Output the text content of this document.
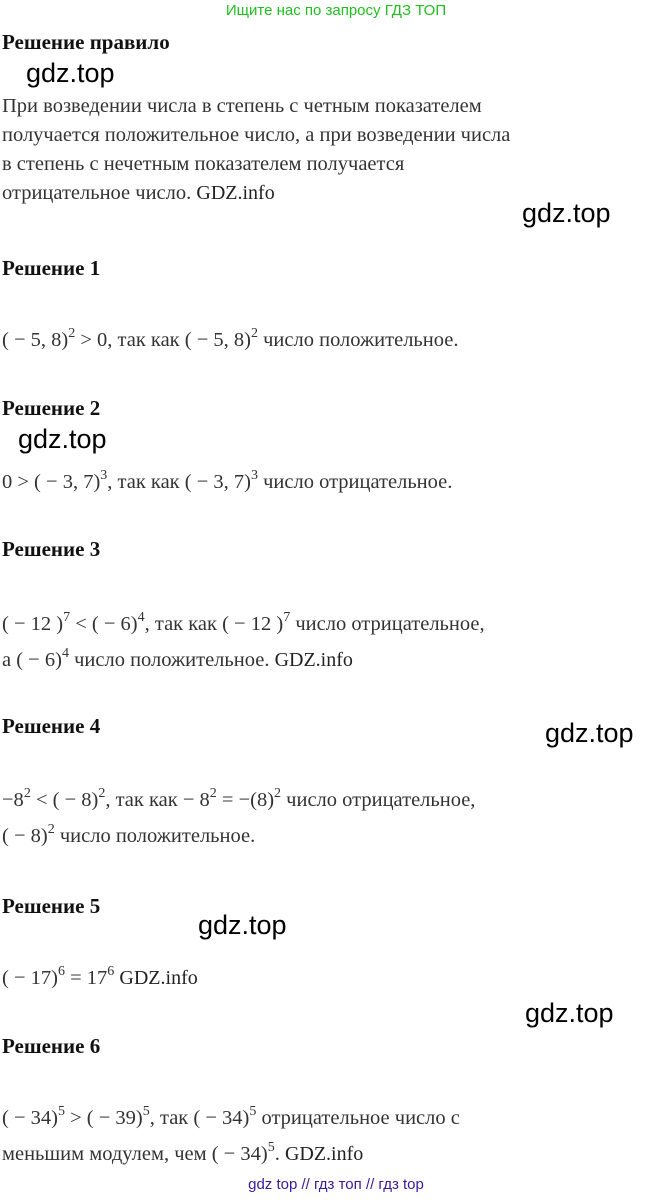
Ищите нас по запросу ГДЗ ТОП
Решение правило
gdz.top
При возведении числа в степень с четным показателем
получается положительное число, а при возведении числа
в степень с нечетным показателем получается
отрицательное число. GDZ.info
gdz.top
Решение 1
( − 5, 8)$^2$ > 0, так как ( − 5, 8)$^2$ число положительное.
Решение 2
gdz.top
0 > ( − 3, 7)$^3$, так как ( − 3, 7)$^3$ число отрицательное.
Решение 3
( − 12 )$^7$ < ( − 6)$^4$, так как ( − 12 )$^7$ число отрицательное,
а ( − 6)$^4$ число положительное. GDZ.info
Решение 4	gdz.top
$-8^2$ < ( − 8)$^2$, так как − $8^2 = -(8)^2$ число отрицательное,
( − 8)$^2$ число положительное.
Решение 5
gdz.top
( − $17)^6 = 17^6$ GDZ.info
gdz.top
Решение 6
( − 34)$^5$ > ( − 39)$^5$, так ( − 34)$^5$ отрицательное число с
меньшим модулем, чем ( − 34)$^5$. GDZ.info
gdz top // гдз топ // гдз top
